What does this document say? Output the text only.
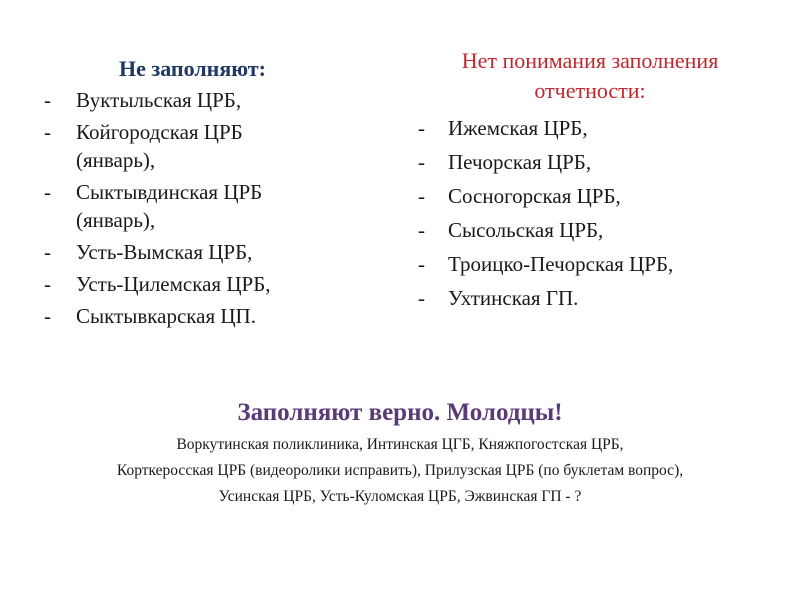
Не заполняют:
- Вуктыльская ЦРБ,
- Койгородская ЦРБ
(январь),
- Сыктывдинская ЦРБ
(январь),
- Усть-Вымская ЦРБ,
- Усть-Цилемская ЦРБ,
- Сыктывкарская ЦП.
Нет понимания заполнения
отчетности:
- Ижемская ЦРБ,
- Печорская ЦРБ,
- Сосногорская ЦРБ,
- Сысольская ЦРБ,
- Троицко-Печорская ЦРБ,
- Ухтинская ГП.
Заполняют верно. Молодцы!
Воркутинская поликлиника, Интинская ЦГБ, Княжпогостская ЦРБ,
Корткеросская ЦРБ (видеоролики исправить), Прилузская ЦРБ (по буклетам вопрос),
Усинская ЦРБ, Усть-Куломская ЦРБ, Эжвинская ГП - ?
